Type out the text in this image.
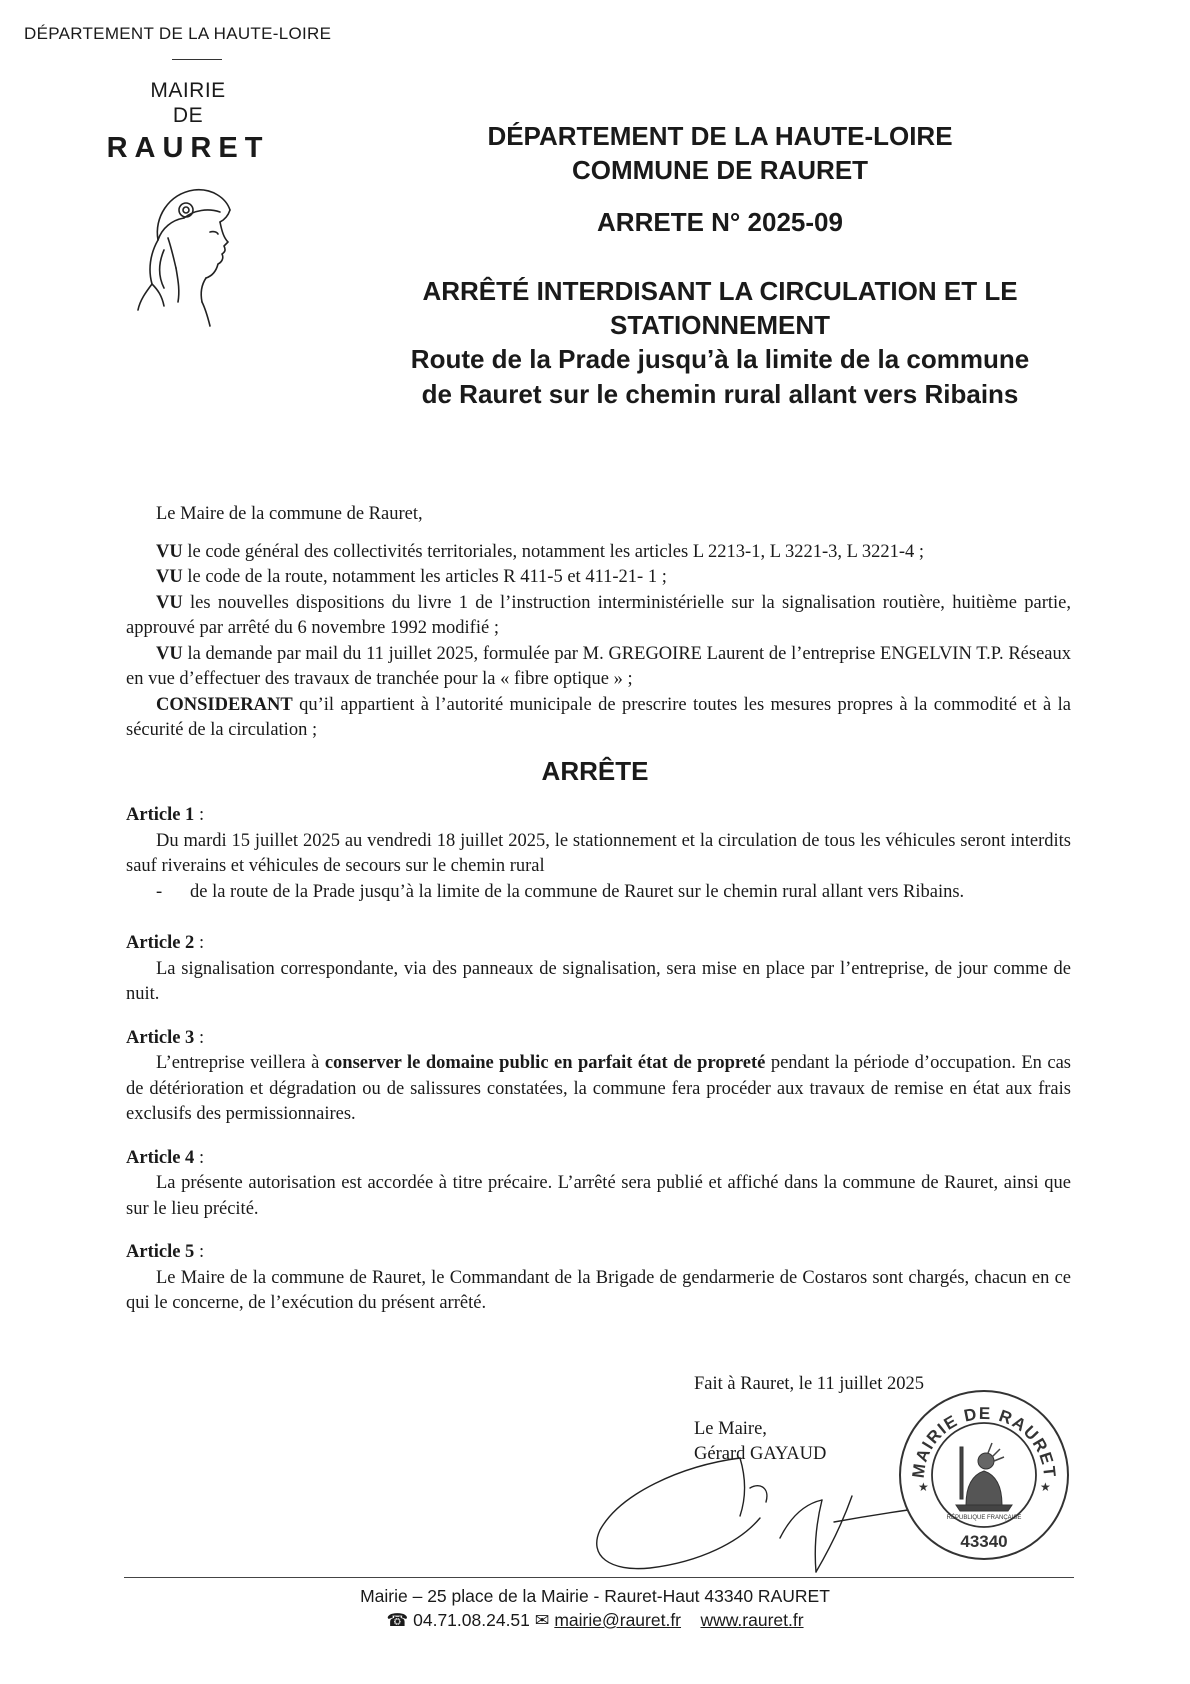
DÉPARTEMENT DE LA HAUTE-LOIRE
MAIRIE
DE
RAURET	DÉPARTEMENT DE LA HAUTE-LOIRE
COMMUNE DE RAURET
ARRETE N° 2025-09
ARRÊTÉ INTERDISANT LA CIRCULATION ET LE
STATIONNEMENT
Route de la Prade jusqu’à la limite de la commune
de Rauret sur le chemin rural allant vers Ribains

Le Maire de la commune de Rauret,

VU le code général des collectivités territoriales, notamment les articles L 2213-1, L 3221-3, L 3221-4 ;

VU le code de la route, notamment les articles R 411-5 et 411-21- 1 ;

VU les nouvelles dispositions du livre 1 de l’instruction interministérielle sur la signalisation routière, huitième partie, approuvé par arrêté du 6 novembre 1992 modifié ;

VU la demande par mail du 11 juillet 2025, formulée par M. GREGOIRE Laurent de l’entreprise ENGELVIN T.P. Réseaux en vue d’effectuer des travaux de tranchée pour la « fibre optique » ;

CONSIDERANT qu’il appartient à l’autorité municipale de prescrire toutes les mesures propres à la commodité et à la sécurité de la circulation ;

ARRÊTE

Article 1 :

Du mardi 15 juillet 2025 au vendredi 18 juillet 2025, le stationnement et la circulation de tous les véhicules seront interdits sauf riverains et véhicules de secours sur le chemin rural

-	de la route de la Prade jusqu’à la limite de la commune de Rauret sur le chemin rural allant vers Ribains.

Article 2 :

La signalisation correspondante, via des panneaux de signalisation, sera mise en place par l’entreprise, de jour comme de nuit.

Article 3 :

L’entreprise veillera à conserver le domaine public en parfait état de propreté pendant la période d’occupation. En cas de détérioration et dégradation ou de salissures constatées, la commune fera procéder aux travaux de remise en état aux frais exclusifs des permissionnaires.

Article 4 :

La présente autorisation est accordée à titre précaire. L’arrêté sera publié et affiché dans la commune de Rauret, ainsi que sur le lieu précité.

Article 5 :

Le Maire de la commune de Rauret, le Commandant de la Brigade de gendarmerie de Costaros sont chargés, chacun en ce qui le concerne, de l’exécution du présent arrêté.

Fait à Rauret, le 11 juillet 2025
Le Maire,
Gérard GAYAUD
MAIRIE DE RAURET
★	★
43340
RÉPUBLIQUE FRANÇAISE
Mairie – 25 place de la Mairie - Rauret-Haut 43340 RAURET
☎ 04.71.08.24.51 ✉ mairie@rauret.fr www.rauret.fr
